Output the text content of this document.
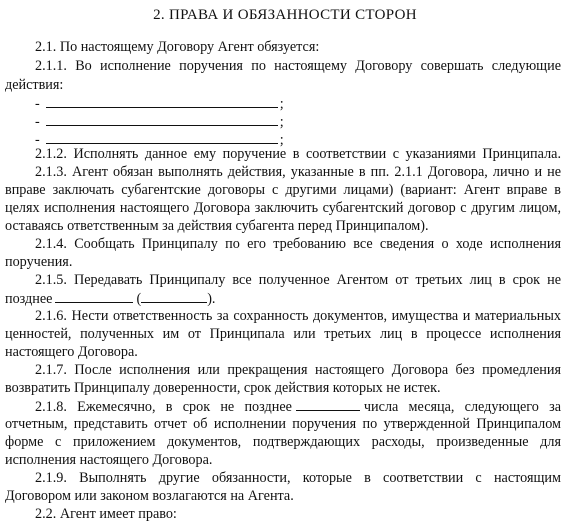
2. ПРАВА И ОБЯЗАННОСТИ СТОРОН
2.1. По настоящему Договору Агент обязуется:
2.1.1. Во исполнение поручения по настоящему Договору совершать следующие
действия:
-	;
-	;
-	;
2.1.2. Исполнять данное ему поручение в соответствии с указаниями Принципала.
2.1.3. Агент обязан выполнять действия, указанные в пп. 2.1.1 Договора, лично и не
вправе заключать субагентские договоры с другими лицами) (вариант: Агент вправе в
целях исполнения настоящего Договора заключить субагентский договор с другим лицом,
оставаясь ответственным за действия субагента перед Принципалом).
2.1.4. Сообщать Принципалу по его требованию все сведения о ходе исполнения
поручения.
2.1.5. Передавать Принципалу все полученное Агентом от третьих лиц в срок не
позднее	(	).
2.1.6. Нести ответственность за сохранность документов, имущества и материальных
ценностей, полученных им от Принципала или третьих лиц в процессе исполнения
настоящего Договора.
2.1.7. После исполнения или прекращения настоящего Договора без промедления
возвратить Принципалу доверенности, срок действия которых не истек.
2.1.8. Ежемесячно, в срок не позднее	числа месяца, следующего за
отчетным, представить отчет об исполнении поручения по утвержденной Принципалом
форме с приложением документов, подтверждающих расходы, произведенные для
исполнения настоящего Договора.
2.1.9. Выполнять другие обязанности, которые в соответствии с настоящим
Договором или законом возлагаются на Агента.
2.2. Агент имеет право:
